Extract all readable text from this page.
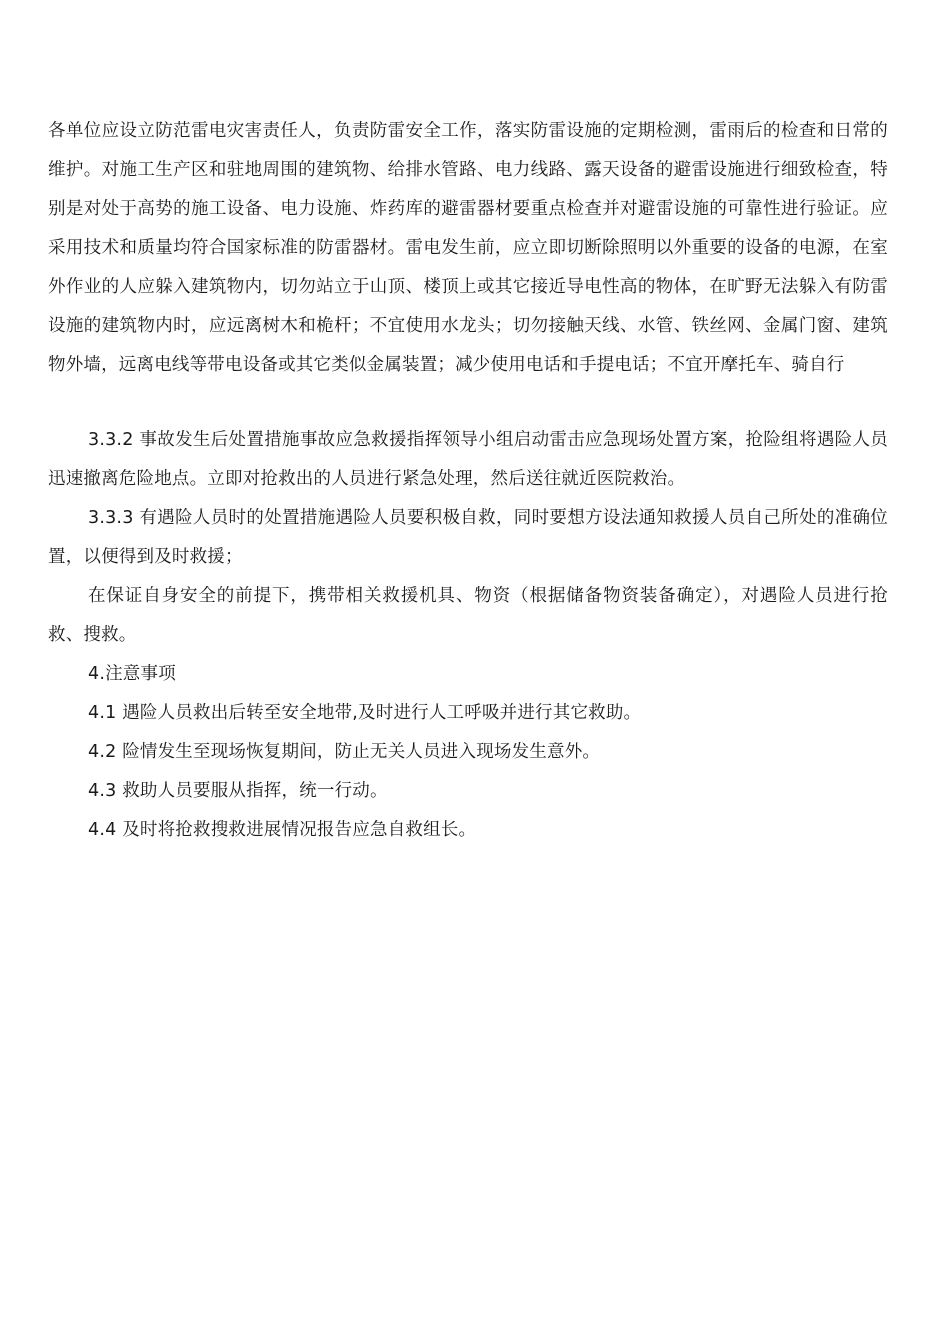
各单位应设立防范雷电灾害责任人，负责防雷安全工作，落实防雷设施的定期检测，雷雨后的检查和日常的维护。对施工生产区和驻地周围的建筑物、给排水管路、电力线路、露天设备的避雷设施进行细致检查，特别是对处于高势的施工设备、电力设施、炸药库的避雷器材要重点检查并对避雷设施的可靠性进行验证。应采用技术和质量均符合国家标准的防雷器材。雷电发生前，应立即切断除照明以外重要的设备的电源，在室外作业的人应躲入建筑物内，切勿站立于山顶、楼顶上或其它接近导电性高的物体，在旷野无法躲入有防雷设施的建筑物内时，应远离树木和桅杆；不宜使用水龙头；切勿接触天线、水管、铁丝网、金属门窗、建筑物外墙，远离电线等带电设备或其它类似金属装置；减少使用电话和手提电话；不宜开摩托车、骑自行

3.3.2 事故发生后处置措施事故应急救援指挥领导小组启动雷击应急现场处置方案，抢险组将遇险人员迅速撤离危险地点。立即对抢救出的人员进行紧急处理，然后送往就近医院救治。

3.3.3 有遇险人员时的处置措施遇险人员要积极自救，同时要想方设法通知救援人员自己所处的准确位置，以便得到及时救援；

在保证自身安全的前提下，携带相关救援机具、物资（根据储备物资装备确定），对遇险人员进行抢救、搜救。

4.注意事项

4.1 遇险人员救出后转至安全地带,及时进行人工呼吸并进行其它救助。

4.2 险情发生至现场恢复期间，防止无关人员进入现场发生意外。

4.3 救助人员要服从指挥，统一行动。

4.4 及时将抢救搜救进展情况报告应急自救组长。
